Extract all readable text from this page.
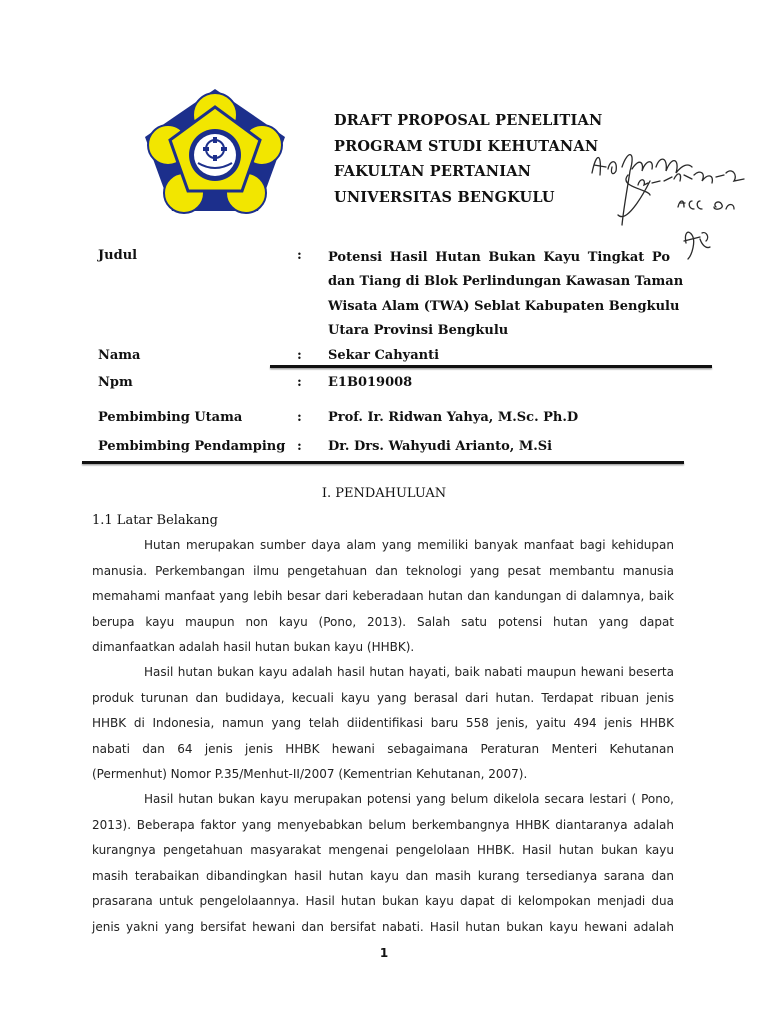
DRAFT PROPOSAL PENELITIAN
PROGRAM STUDI KEHUTANAN
FAKULTAN PERTANIAN
UNIVERSITAS BENGKULU
Judul	: Potensi Hasil Hutan Bukan Kayu Tingkat Po
dan Tiang di Blok Perlindungan Kawasan Taman
Wisata Alam (TWA) Seblat Kabupaten Bengkulu
Utara Provinsi Bengkulu
Nama	: Sekar Cahyanti
Npm	: E1B019008
Pembimbing Utama	: Prof. Ir. Ridwan Yahya, M.Sc. Ph.D
Pembimbing Pendamping : Dr. Drs. Wahyudi Arianto, M.Si
I. PENDAHULUAN
1.1 Latar Belakang
Hutan merupakan sumber daya alam yang memiliki banyak manfaat bagi kehidupan
manusia. Perkembangan ilmu pengetahuan dan teknologi yang pesat membantu manusia
memahami manfaat yang lebih besar dari keberadaan hutan dan kandungan di dalamnya, baik
berupa kayu maupun non kayu (Pono, 2013). Salah satu potensi hutan yang dapat
dimanfaatkan adalah hasil hutan bukan kayu (HHBK).
Hasil hutan bukan kayu adalah hasil hutan hayati, baik nabati maupun hewani beserta
produk turunan dan budidaya, kecuali kayu yang berasal dari hutan. Terdapat ribuan jenis
HHBK di Indonesia, namun yang telah diidentifikasi baru 558 jenis, yaitu 494 jenis HHBK
nabati dan 64 jenis jenis HHBK hewani sebagaimana Peraturan Menteri Kehutanan
(Permenhut) Nomor P.35/Menhut-II/2007 (Kementrian Kehutanan, 2007).
Hasil hutan bukan kayu merupakan potensi yang belum dikelola secara lestari ( Pono,
2013). Beberapa faktor yang menyebabkan belum berkembangnya HHBK diantaranya adalah
kurangnya pengetahuan masyarakat mengenai pengelolaan HHBK. Hasil hutan bukan kayu
masih terabaikan dibandingkan hasil hutan kayu dan masih kurang tersedianya sarana dan
prasarana untuk pengelolaannya. Hasil hutan bukan kayu dapat di kelompokan menjadi dua
jenis yakni yang bersifat hewani dan bersifat nabati. Hasil hutan bukan kayu hewani adalah
1
